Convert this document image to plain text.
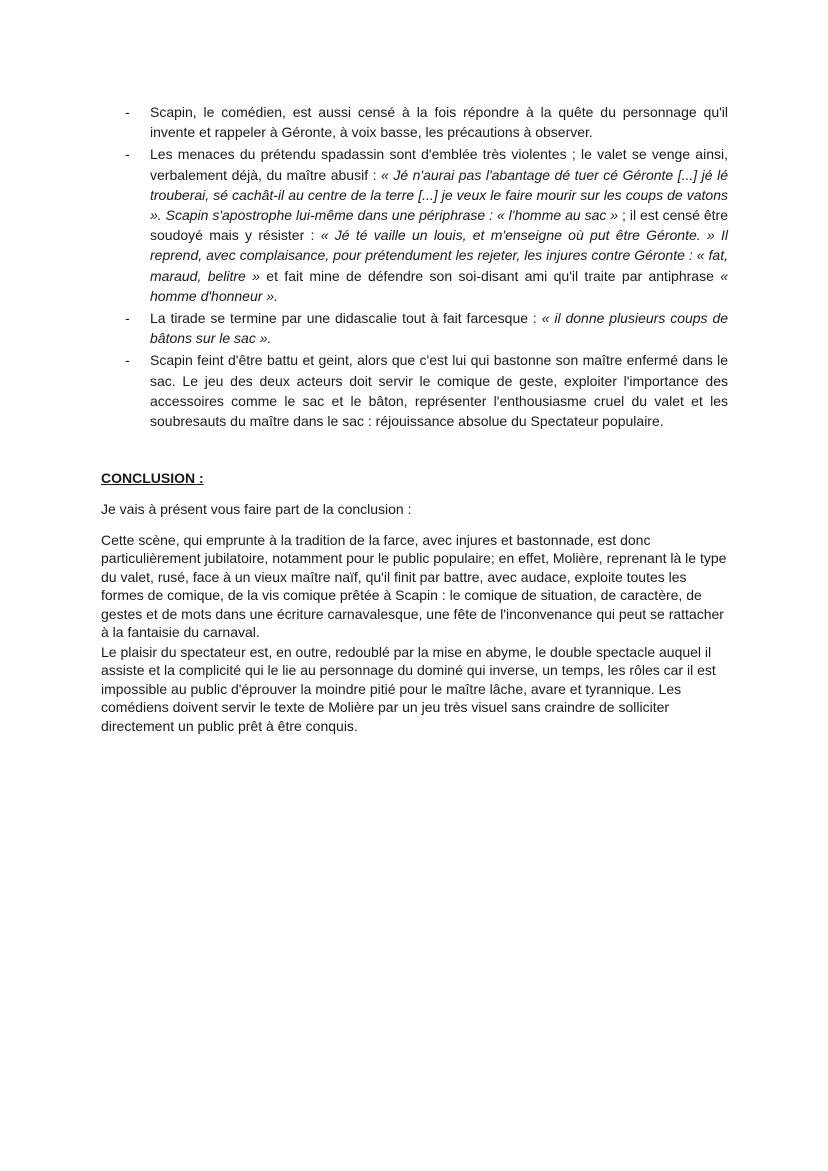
- Scapin, le comédien, est aussi censé à la fois répondre à la quête du personnage qu'il invente et rappeler à Géronte, à voix basse, les précautions à observer.
- Les menaces du prétendu spadassin sont d'emblée très violentes ; le valet se venge ainsi, verbalement déjà, du maître abusif : « Jé n'aurai pas l'abantage dé tuer cé Géronte [...] jé lé trouberai, sé cachât-il au centre de la terre [...] je veux le faire mourir sur les coups de vatons ». Scapin s'apostrophe lui-même dans une périphrase : « l'homme au sac » ; il est censé être soudoyé mais y résister : « Jé té vaille un louis, et m'enseigne où put être Géronte. » Il reprend, avec complaisance, pour prétendument les rejeter, les injures contre Géronte : « fat, maraud, belitre » et fait mine de défendre son soi-disant ami qu'il traite par antiphrase « homme d'honneur ».
- La tirade se termine par une didascalie tout à fait farcesque : « il donne plusieurs coups de bâtons sur le sac ».
- Scapin feint d'être battu et geint, alors que c'est lui qui bastonne son maître enfermé dans le sac. Le jeu des deux acteurs doit servir le comique de geste, exploiter l'importance des accessoires comme le sac et le bâton, représenter l'enthousiasme cruel du valet et les soubresauts du maître dans le sac : réjouissance absolue du Spectateur populaire.
CONCLUSION :

Je vais à présent vous faire part de la conclusion :

Cette scène, qui emprunte à la tradition de la farce, avec injures et bastonnade, est donc particulièrement jubilatoire, notamment pour le public populaire; en effet, Molière, reprenant là le type du valet, rusé, face à un vieux maître naïf, qu'il finit par battre, avec audace, exploite toutes les formes de comique, de la vis comique prêtée à Scapin : le comique de situation, de caractère, de gestes et de mots dans une écriture carnavalesque, une fête de l'inconvenance qui peut se rattacher à la fantaisie du carnaval.

Le plaisir du spectateur est, en outre, redoublé par la mise en abyme, le double spectacle auquel il assiste et la complicité qui le lie au personnage du dominé qui inverse, un temps, les rôles car il est impossible au public d'éprouver la moindre pitié pour le maître lâche, avare et tyrannique. Les comédiens doivent servir le texte de Molière par un jeu très visuel sans craindre de solliciter directement un public prêt à être conquis.
